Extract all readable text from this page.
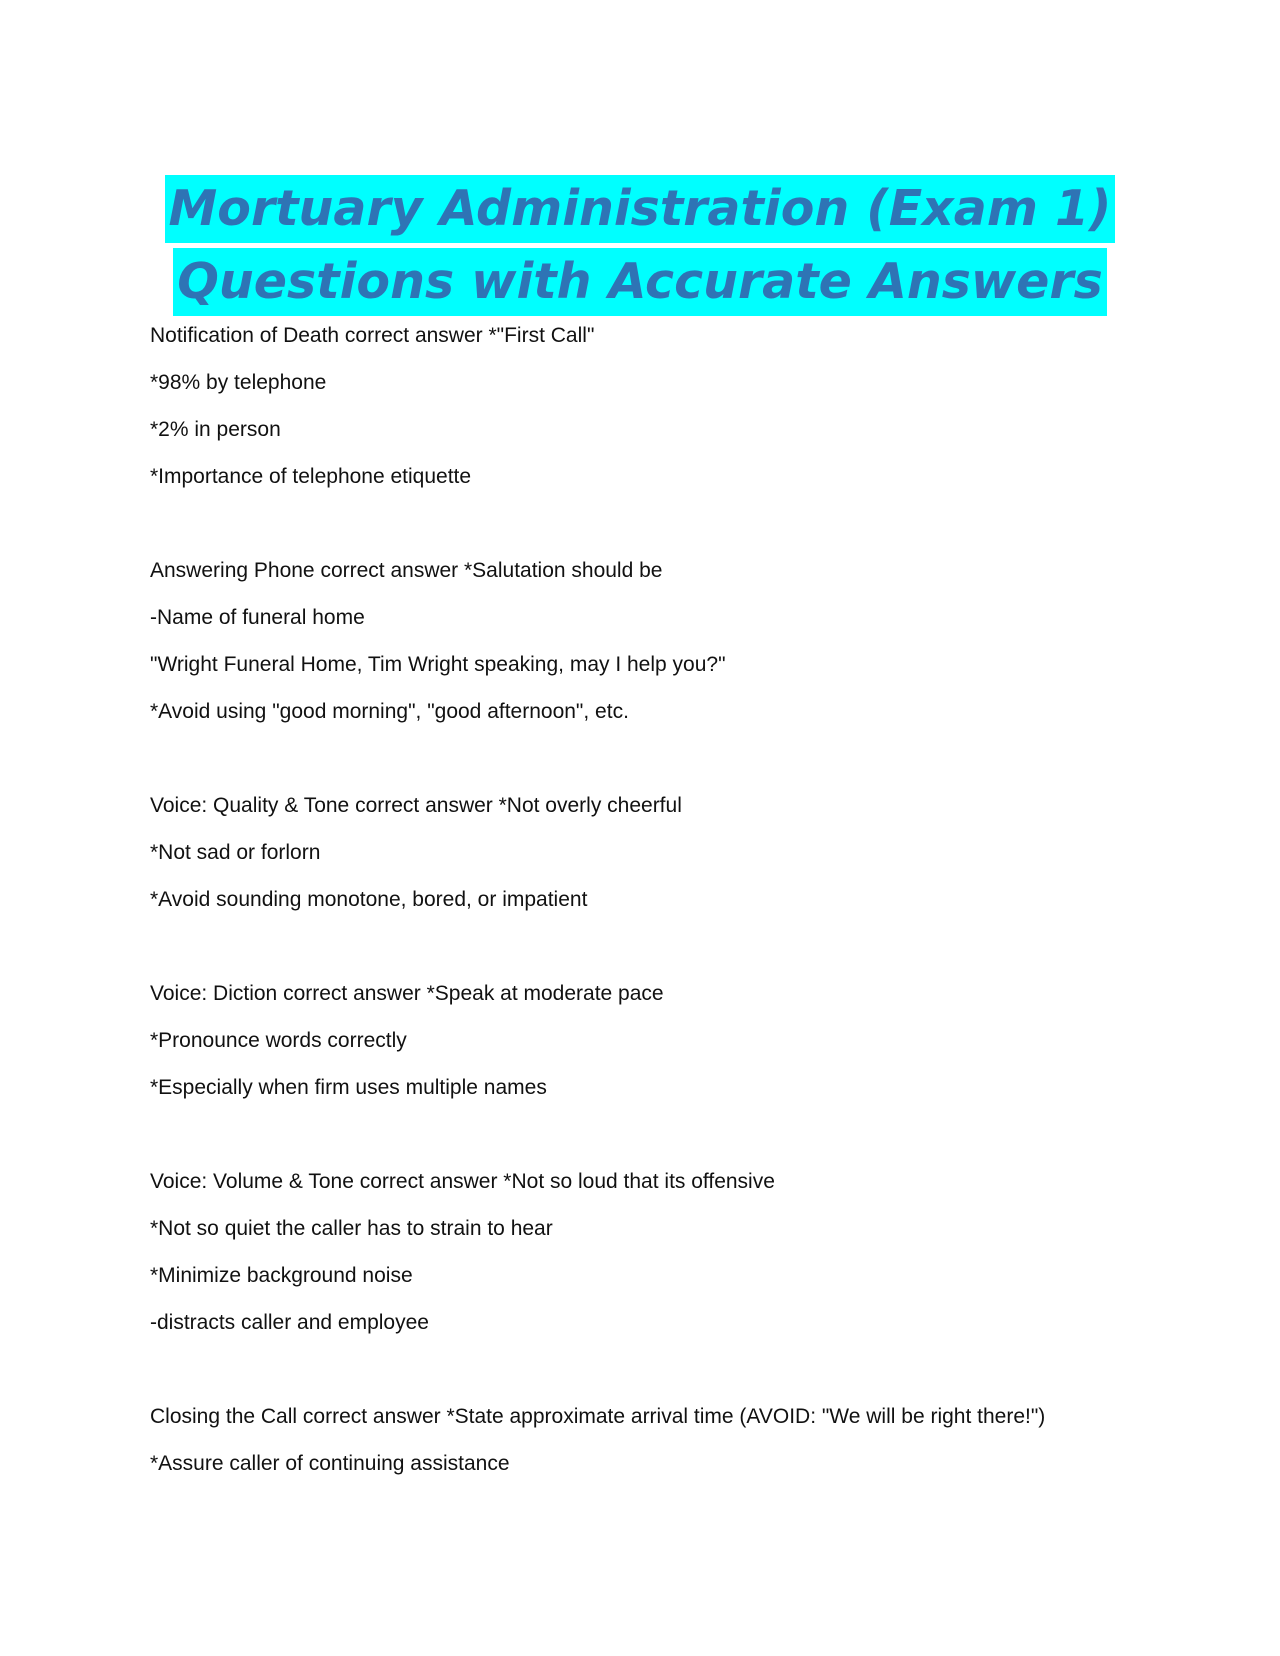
Mortuary Administration (Exam 1)
Questions with Accurate Answers
Notification of Death correct answer *"First Call"
*98% by telephone
*2% in person
*Importance of telephone etiquette
Answering Phone correct answer *Salutation should be
-Name of funeral home
"Wright Funeral Home, Tim Wright speaking, may I help you?"
*Avoid using "good morning", "good afternoon", etc.
Voice: Quality & Tone correct answer *Not overly cheerful
*Not sad or forlorn
*Avoid sounding monotone, bored, or impatient
Voice: Diction correct answer *Speak at moderate pace
*Pronounce words correctly
*Especially when firm uses multiple names
Voice: Volume & Tone correct answer *Not so loud that its offensive
*Not so quiet the caller has to strain to hear
*Minimize background noise
-distracts caller and employee
Closing the Call correct answer *State approximate arrival time (AVOID: "We will be right there!")
*Assure caller of continuing assistance
